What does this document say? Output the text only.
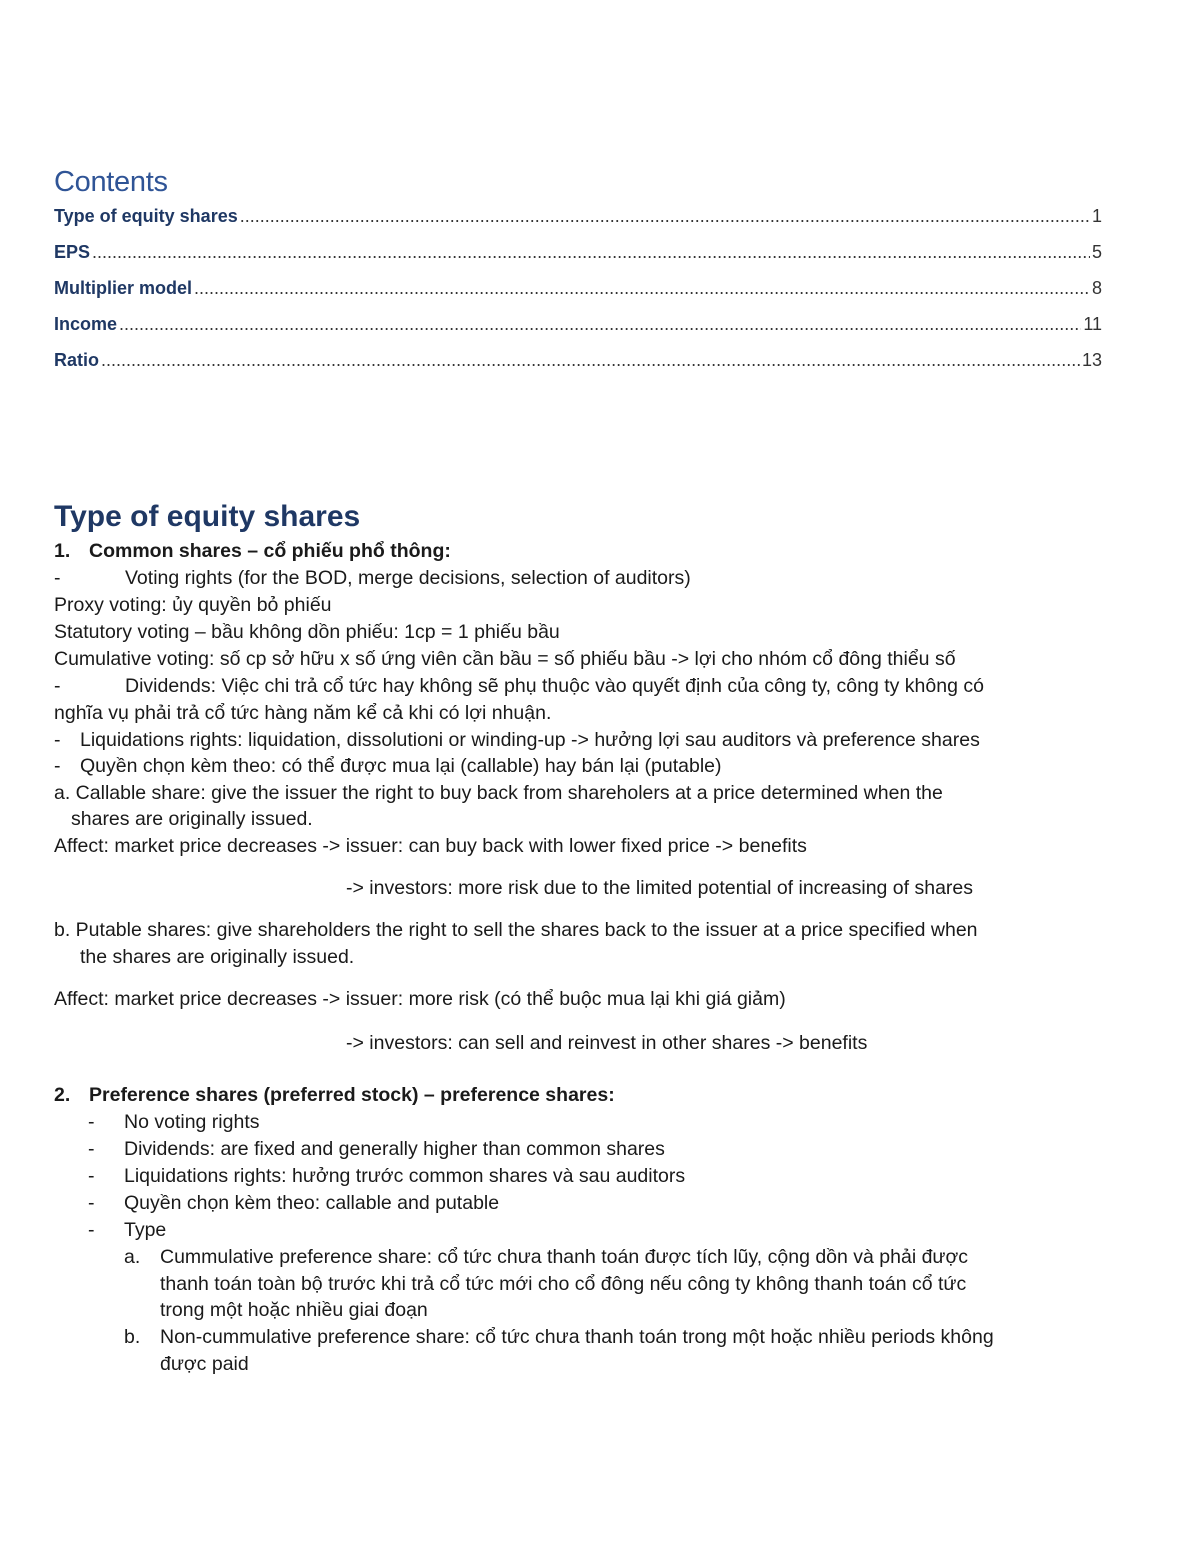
Contents
Type of equity shares .....	1
EPS .....	5
Multiplier model .....	8
Income .....	11
Ratio .....	13
Type of equity shares
1. Common shares – cổ phiếu phổ thông:
-	Voting rights (for the BOD, merge decisions, selection of auditors)
Proxy voting: ủy quyền bỏ phiếu
Statutory voting – bầu không dồn phiếu: 1cp = 1 phiếu bầu
Cumulative voting: số cp sở hữu x số ứng viên cần bầu = số phiếu bầu -> lợi cho nhóm cổ đông thiểu số
-	Dividends: Việc chi trả cổ tức hay không sẽ phụ thuộc vào quyết định của công ty, công ty không có
nghĩa vụ phải trả cổ tức hàng năm kể cả khi có lợi nhuận.
- Liquidations rights: liquidation, dissolutioni or winding-up -> hưởng lợi sau auditors và preference shares
- Quyền chọn kèm theo: có thể được mua lại (callable) hay bán lại (putable)
a. Callable share: give the issuer the right to buy back from shareholers at a price determined when the
shares are originally issued.
Affect: market price decreases -> issuer: can buy back with lower fixed price -> benefits
-> investors: more risk due to the limited potential of increasing of shares
b. Putable shares: give shareholders the right to sell the shares back to the issuer at a price specified when
the shares are originally issued.
Affect: market price decreases -> issuer: more risk (có thể buộc mua lại khi giá giảm)
-> investors: can sell and reinvest in other shares -> benefits
2. Preference shares (preferred stock) – preference shares:
- No voting rights
- Dividends: are fixed and generally higher than common shares
- Liquidations rights: hưởng trước common shares và sau auditors
- Quyền chọn kèm theo: callable and putable
- Type
a. Cummulative preference share: cổ tức chưa thanh toán được tích lũy, cộng dồn và phải được
thanh toán toàn bộ trước khi trả cổ tức mới cho cổ đông nếu công ty không thanh toán cổ tức
trong một hoặc nhiều giai đoạn
b. Non-cummulative preference share: cổ tức chưa thanh toán trong một hoặc nhiều periods không
được paid
